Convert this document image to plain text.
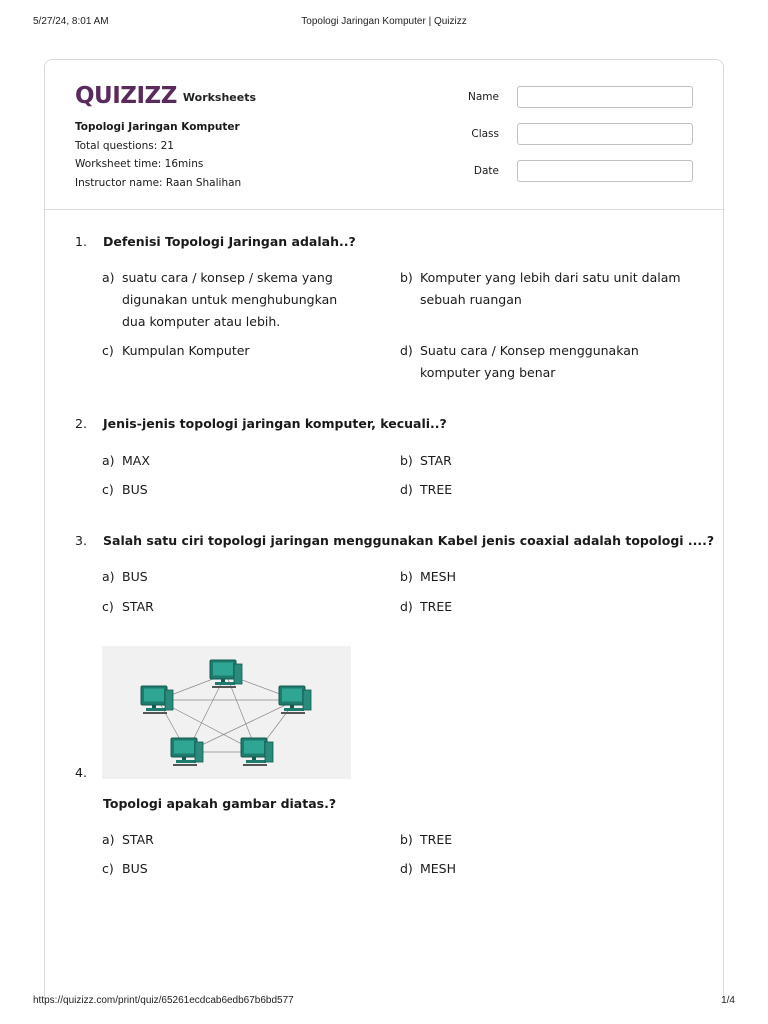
5/27/24, 8:01 AM	Topologi Jaringan Komputer | Quizizz
QUIZIZZ Worksheets
Topologi Jaringan Komputer
Total questions: 21
Worksheet time: 16mins
Instructor name: Raan Shalihan
Name
Class
Date
1.	Defenisi Topologi Jaringan adalah..?
a) suatu cara / konsep / skema yang digunakan untuk menghubungkan dua komputer atau lebih.
b) Komputer yang lebih dari satu unit dalam sebuah ruangan
c) Kumpulan Komputer	d) Suatu cara / Konsep menggunakan komputer yang benar
2.	Jenis-jenis topologi jaringan komputer, kecuali..?
a) MAX	b) STAR
c) BUS	d) TREE
3.	Salah satu ciri topologi jaringan menggunakan Kabel jenis coaxial adalah topologi ....?
a) BUS	b) MESH
c) STAR	d) TREE
4.
Topologi apakah gambar diatas.?
a) STAR	b) TREE
c) BUS	d) MESH
https://quizizz.com/print/quiz/65261ecdcab6edb67b6bd577	1/4
